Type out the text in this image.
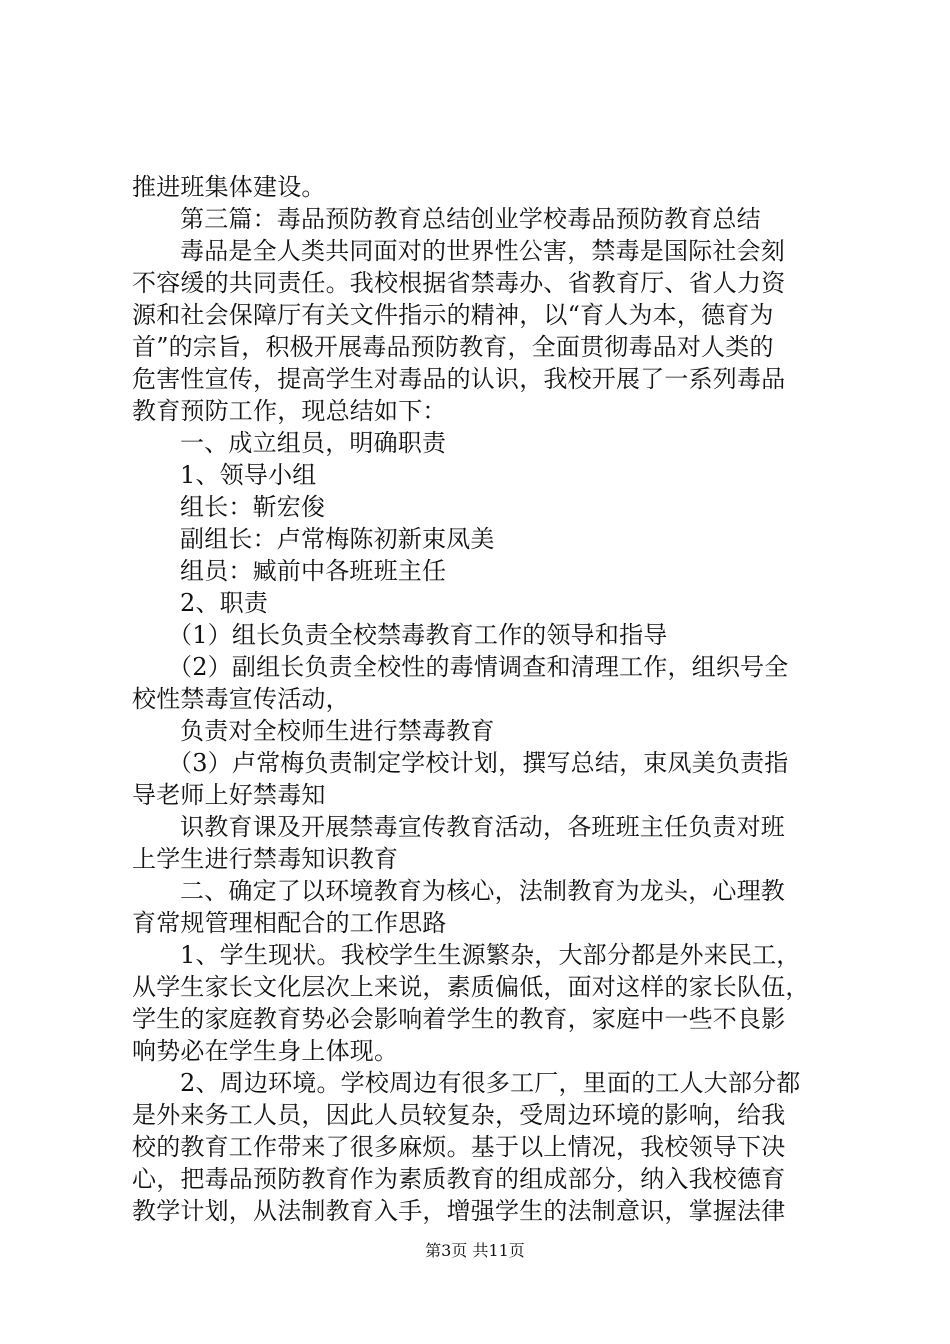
推进班集体建设。
第三篇：毒品预防教育总结创业学校毒品预防教育总结
毒品是全人类共同面对的世界性公害，禁毒是国际社会刻
不容缓的共同责任。我校根据省禁毒办、省教育厅、省人力资
源和社会保障厅有关文件指示的精神，以“育人为本，德育为
首”的宗旨，积极开展毒品预防教育，全面贯彻毒品对人类的
危害性宣传，提高学生对毒品的认识，我校开展了一系列毒品
教育预防工作，现总结如下：
一、成立组员，明确职责
1、领导小组
组长：靳宏俊
副组长：卢常梅陈初新束凤美
组员：臧前中各班班主任
2、职责
（1）组长负责全校禁毒教育工作的领导和指导
（2）副组长负责全校性的毒情调查和清理工作，组织号全
校性禁毒宣传活动，
负责对全校师生进行禁毒教育
（3）卢常梅负责制定学校计划，撰写总结，束凤美负责指
导老师上好禁毒知
识教育课及开展禁毒宣传教育活动，各班班主任负责对班
上学生进行禁毒知识教育
二、确定了以环境教育为核心，法制教育为龙头，心理教
育常规管理相配合的工作思路
1、学生现状。我校学生生源繁杂，大部分都是外来民工，
从学生家长文化层次上来说，素质偏低，面对这样的家长队伍，
学生的家庭教育势必会影响着学生的教育，家庭中一些不良影
响势必在学生身上体现。
2、周边环境。学校周边有很多工厂，里面的工人大部分都
是外来务工人员，因此人员较复杂，受周边环境的影响，给我
校的教育工作带来了很多麻烦。基于以上情况，我校领导下决
心，把毒品预防教育作为素质教育的组成部分，纳入我校德育
教学计划，从法制教育入手，增强学生的法制意识，掌握法律
第3页 共11页
